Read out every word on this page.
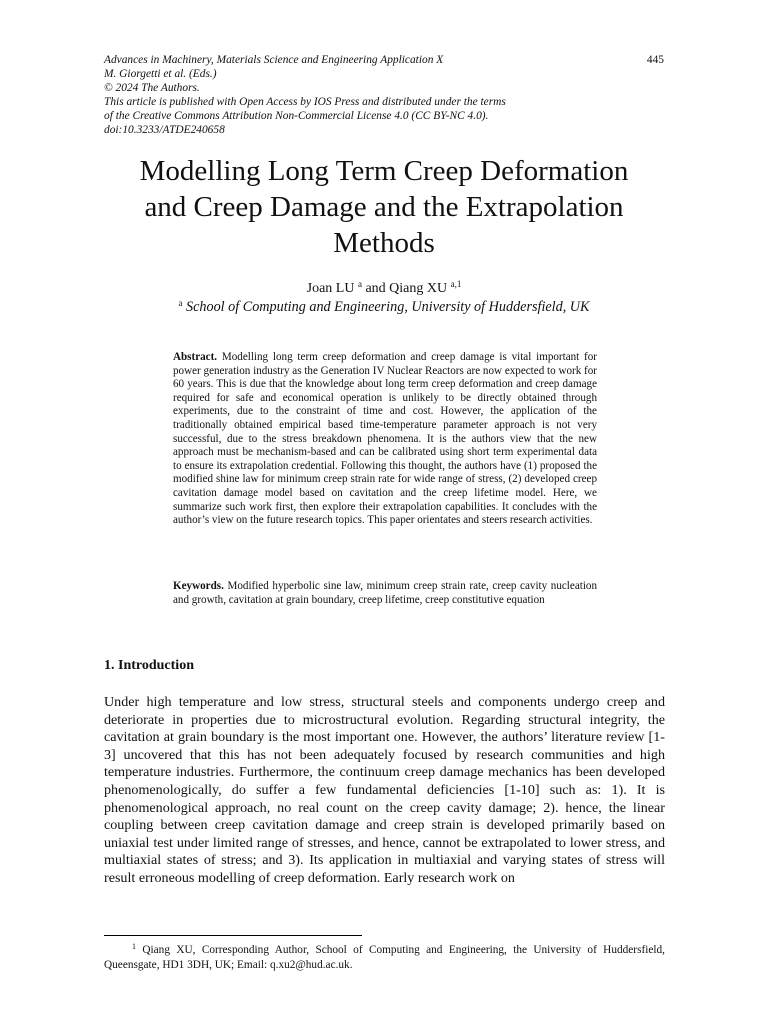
445
Advances in Machinery, Materials Science and Engineering Application X
M. Giorgetti et al. (Eds.)
© 2024 The Authors.
This article is published with Open Access by IOS Press and distributed under the terms
of the Creative Commons Attribution Non-Commercial License 4.0 (CC BY-NC 4.0).
doi:10.3233/ATDE240658
Modelling Long Term Creep Deformation
and Creep Damage and the Extrapolation
Methods
Joan LU $^a$ and Qiang XU $^{a,1}$
$^a$ School of Computing and Engineering, University of Huddersfield, UK
Abstract. Modelling long term creep deformation and creep damage is vital important for power generation industry as the Generation IV Nuclear Reactors are now expected to work for 60 years. This is due that the knowledge about long term creep deformation and creep damage required for safe and economical operation is unlikely to be directly obtained through experiments, due to the constraint of time and cost. However, the application of the traditionally obtained empirical based time-temperature parameter approach is not very successful, due to the stress breakdown phenomena. It is the authors view that the new approach must be mechanism-based and can be calibrated using short term experimental data to ensure its extrapolation credential. Following this thought, the authors have (1) proposed the modified shine law for minimum creep strain rate for wide range of stress, (2) developed creep cavitation damage model based on cavitation and the creep lifetime model. Here, we summarize such work first, then explore their extrapolation capabilities. It concludes with the author’s view on the future research topics. This paper orientates and steers research activities.
Keywords. Modified hyperbolic sine law, minimum creep strain rate, creep cavity nucleation and growth, cavitation at grain boundary, creep lifetime, creep constitutive equation
1. Introduction
Under high temperature and low stress, structural steels and components undergo creep and deteriorate in properties due to microstructural evolution. Regarding structural integrity, the cavitation at grain boundary is the most important one. However, the authors’ literature review [1-3] uncovered that this has not been adequately focused by research communities and high temperature industries. Furthermore, the continuum creep damage mechanics has been developed phenomenologically, do suffer a few fundamental deficiencies [1-10] such as: 1). It is phenomenological approach, no real count on the creep cavity damage; 2). hence, the linear coupling between creep cavitation damage and creep strain is developed primarily based on uniaxial test under limited range of stresses, and hence, cannot be extrapolated to lower stress, and multiaxial states of stress; and 3). Its application in multiaxial and varying states of stress will result erroneous modelling of creep deformation. Early research work on
$^1$ Qiang XU, Corresponding Author, School of Computing and Engineering, the University of Huddersfield, Queensgate, HD1 3DH, UK; Email: q.xu2@hud.ac.uk.
